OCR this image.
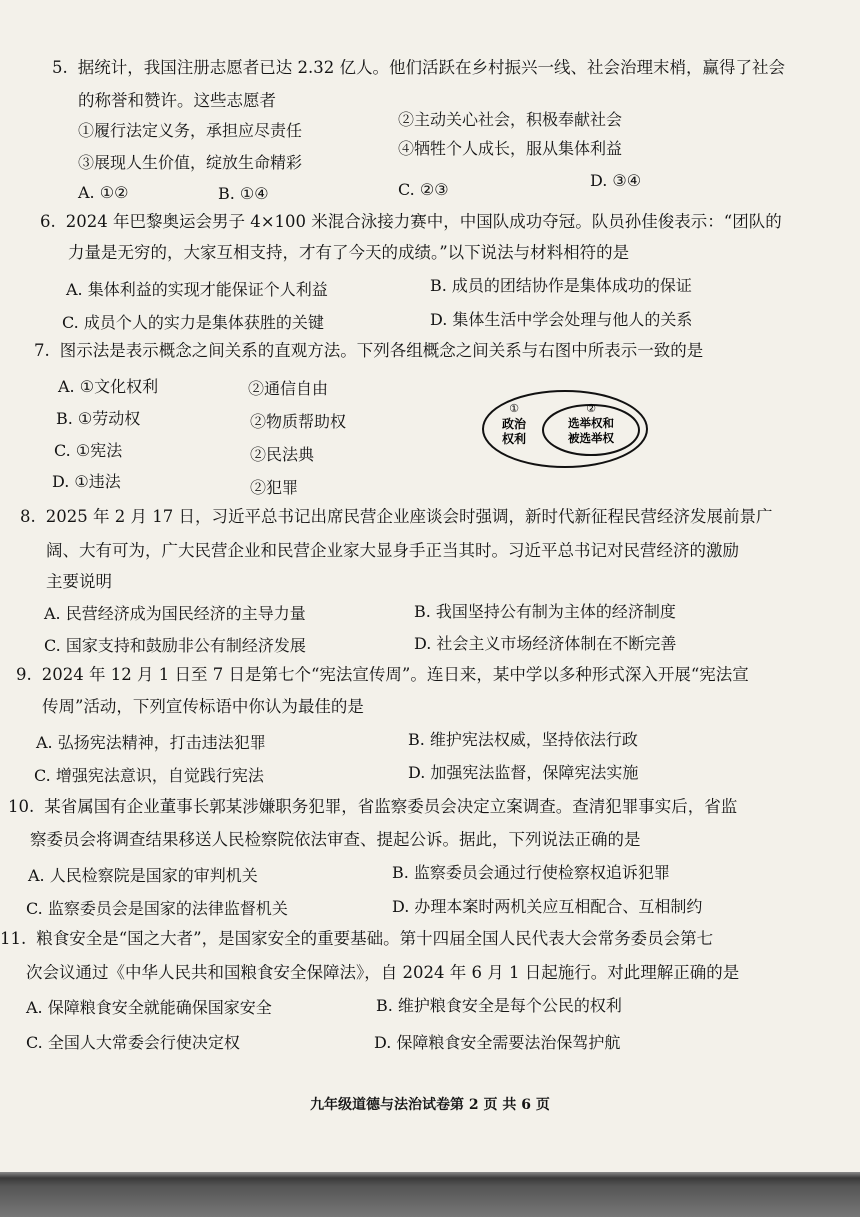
5. 据统计，我国注册志愿者已达 2.32 亿人。他们活跃在乡村振兴一线、社会治理末梢，赢得了社会
的称誉和赞许。这些志愿者
①履行法定义务，承担应尽责任
②主动关心社会，积极奉献社会
③展现人生价值，绽放生命精彩
④牺牲个人成长，服从集体利益
A. ①②	B. ①④	C. ②③	D. ③④
6. 2024 年巴黎奥运会男子 4×100 米混合泳接力赛中，中国队成功夺冠。队员孙佳俊表示：“团队的
力量是无穷的，大家互相支持，才有了今天的成绩。”以下说法与材料相符的是
A. 集体利益的实现才能保证个人利益	B. 成员的团结协作是集体成功的保证
C. 成员个人的实力是集体获胜的关键	D. 集体生活中学会处理与他人的关系
7. 图示法是表示概念之间关系的直观方法。下列各组概念之间关系与右图中所表示一致的是
A. ①文化权利	②通信自由
B. ①劳动权	②物质帮助权
C. ①宪法	②民法典
D. ①违法	②犯罪
①
政治
权利
②
选举权和
被选举权
8. 2025 年 2 月 17 日，习近平总书记出席民营企业座谈会时强调，新时代新征程民营经济发展前景广
阔、大有可为，广大民营企业和民营企业家大显身手正当其时。习近平总书记对民营经济的激励
主要说明
A. 民营经济成为国民经济的主导力量	B. 我国坚持公有制为主体的经济制度
C. 国家支持和鼓励非公有制经济发展	D. 社会主义市场经济体制在不断完善
9. 2024 年 12 月 1 日至 7 日是第七个“宪法宣传周”。连日来，某中学以多种形式深入开展“宪法宣
传周”活动，下列宣传标语中你认为最佳的是
A. 弘扬宪法精神，打击违法犯罪	B. 维护宪法权威，坚持依法行政
C. 增强宪法意识，自觉践行宪法	D. 加强宪法监督，保障宪法实施
10. 某省属国有企业董事长郭某涉嫌职务犯罪，省监察委员会决定立案调查。查清犯罪事实后，省监
察委员会将调查结果移送人民检察院依法审查、提起公诉。据此，下列说法正确的是
A. 人民检察院是国家的审判机关	B. 监察委员会通过行使检察权追诉犯罪
C. 监察委员会是国家的法律监督机关	D. 办理本案时两机关应互相配合、互相制约
11. 粮食安全是“国之大者”，是国家安全的重要基础。第十四届全国人民代表大会常务委员会第七
次会议通过《中华人民共和国粮食安全保障法》，自 2024 年 6 月 1 日起施行。对此理解正确的是
A. 保障粮食安全就能确保国家安全	B. 维护粮食安全是每个公民的权利
C. 全国人大常委会行使决定权	D. 保障粮食安全需要法治保驾护航
九年级道德与法治试卷第 2 页 共 6 页
